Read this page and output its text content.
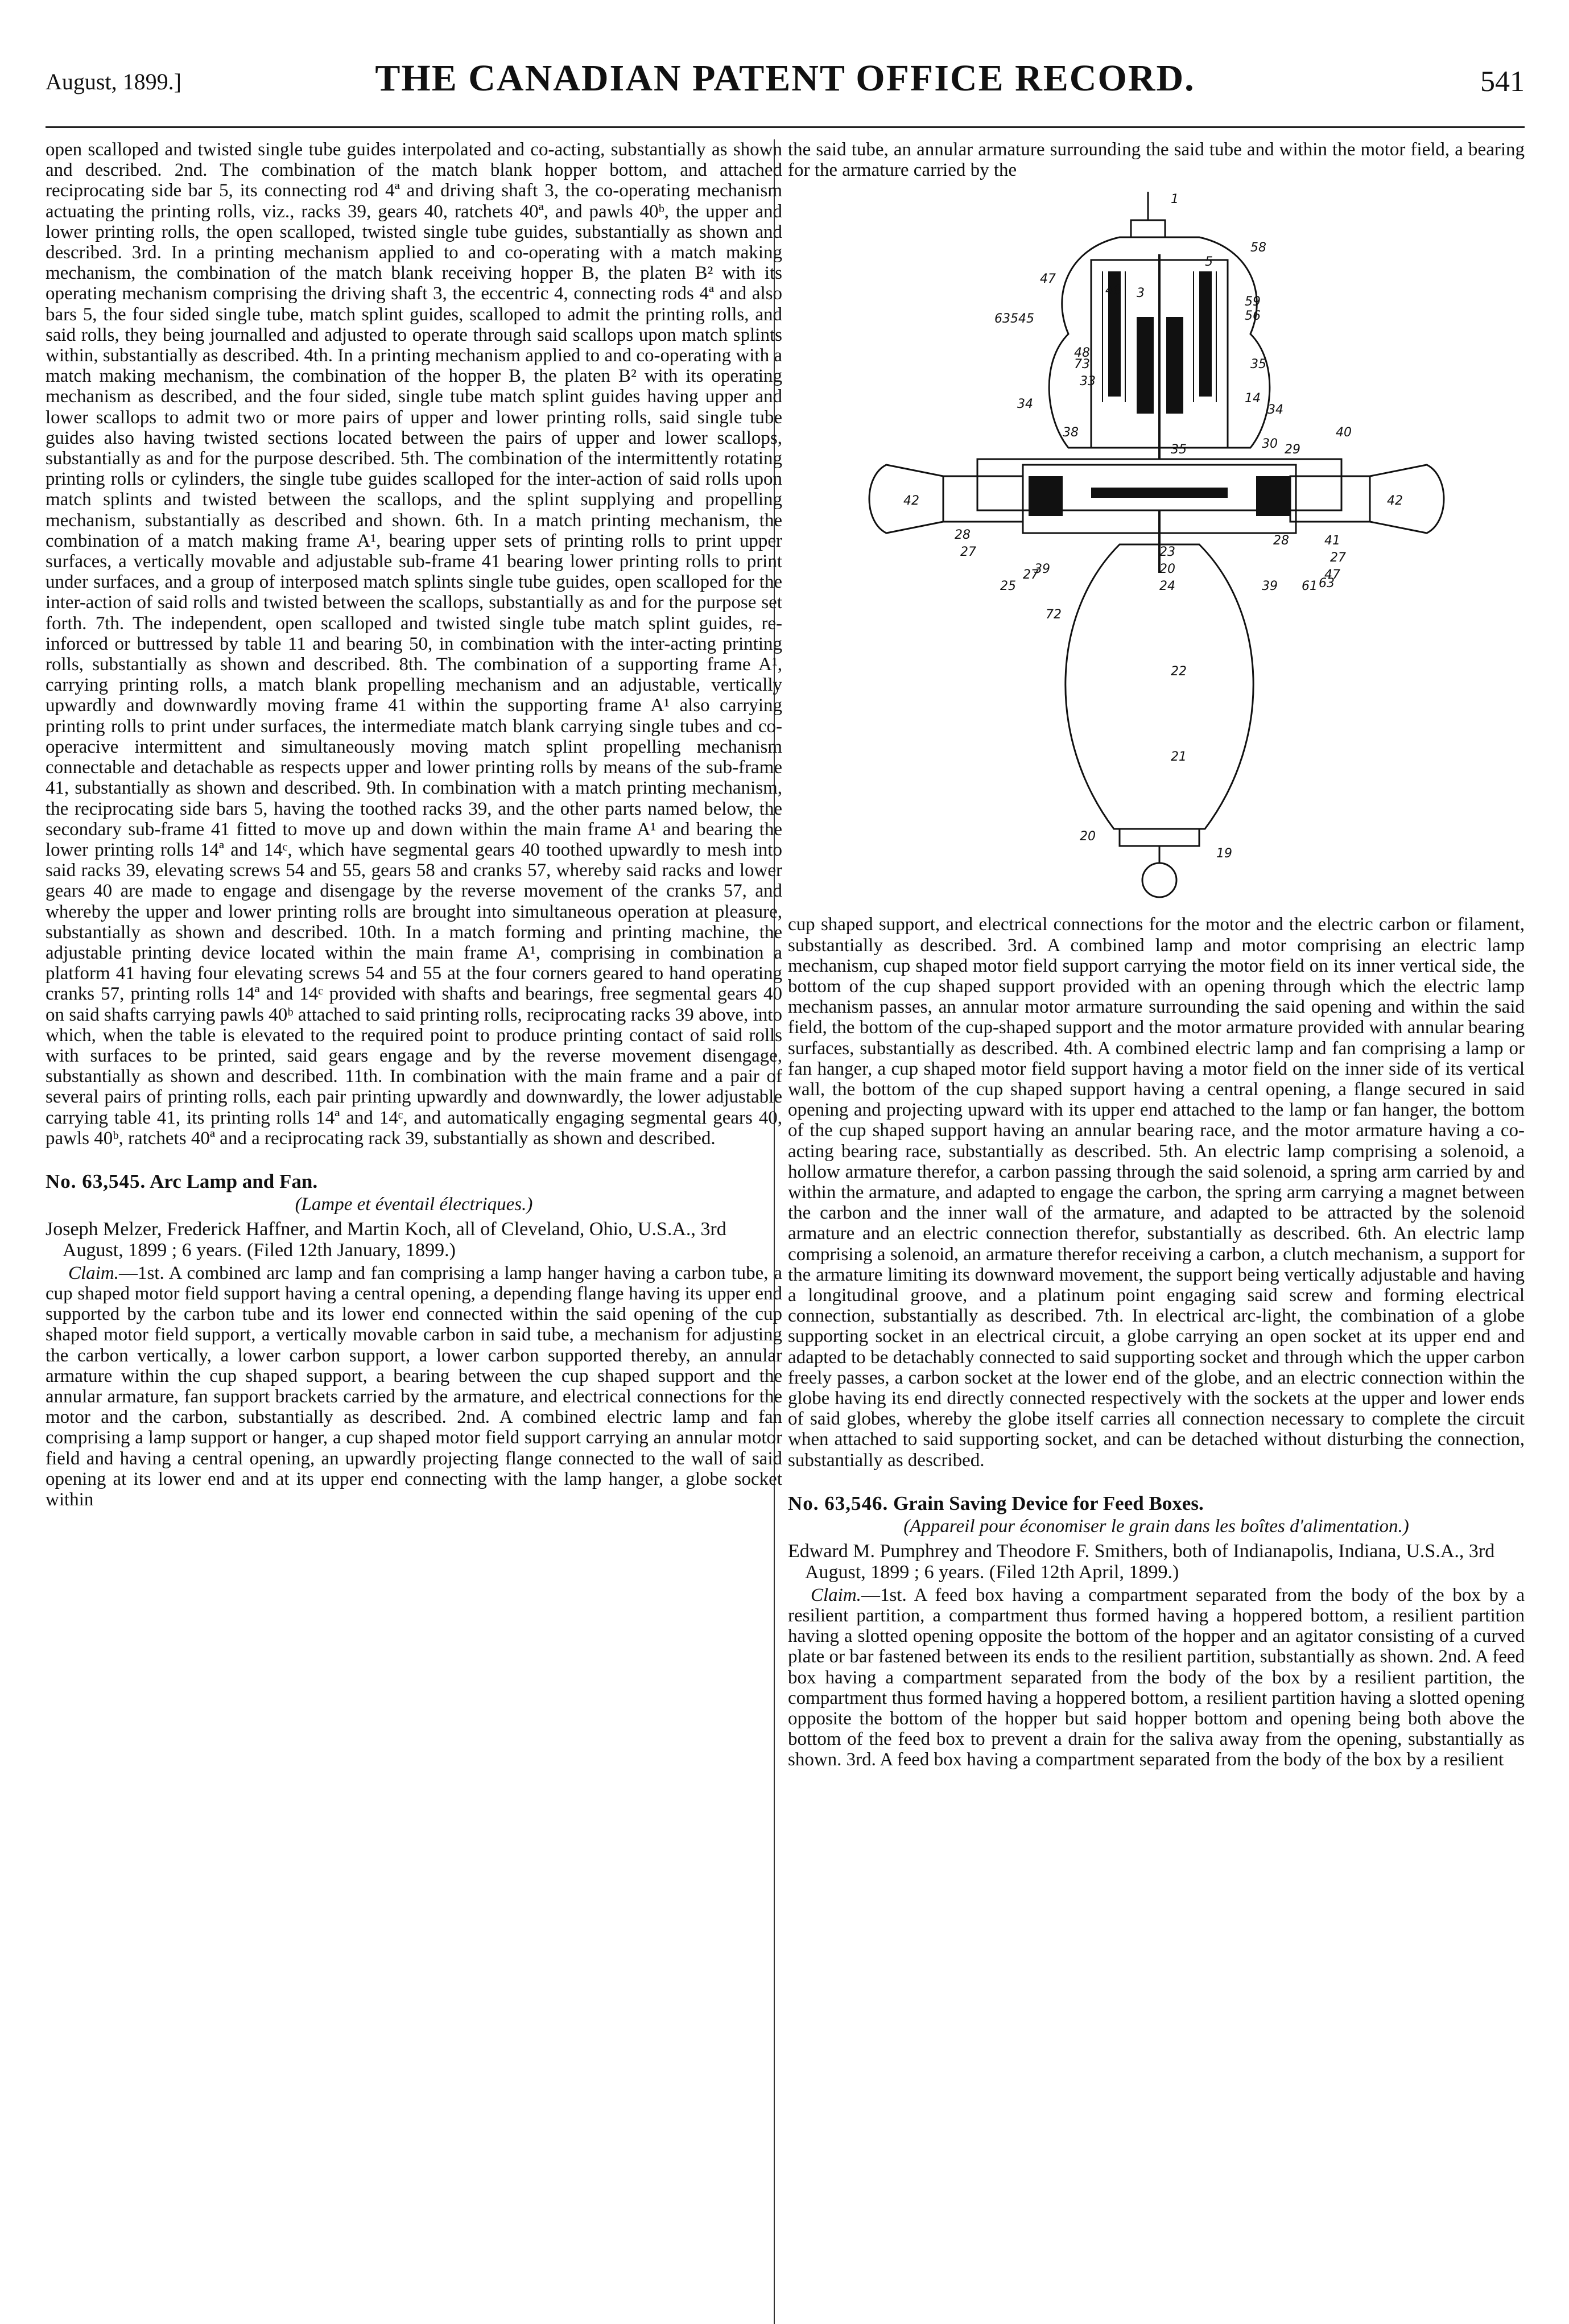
August, 1899.]	THE CANADIAN PATENT OFFICE RECORD.	541

open scalloped and twisted single tube guides interpolated and co-acting, substantially as shown and described. 2nd. The combination of the match blank hopper bottom, and attached reciprocating side bar 5, its connecting rod 4ª and driving shaft 3, the co-operating mechanism actuating the printing rolls, viz., racks 39, gears 40, ratchets 40ª, and pawls 40ᵇ, the upper and lower printing rolls, the open scalloped, twisted single tube guides, substantially as shown and described. 3rd. In a printing mechanism applied to and co-operating with a match making mechanism, the combination of the match blank receiving hopper B, the platen B² with its operating mechanism comprising the driving shaft 3, the eccentric 4, connecting rods 4ª and also bars 5, the four sided single tube, match splint guides, scalloped to admit the printing rolls, and said rolls, they being journalled and adjusted to operate through said scallops upon match splints within, substantially as described. 4th. In a printing mechanism applied to and co-operating with a match making mechanism, the combination of the hopper B, the platen B² with its operating mechanism as described, and the four sided, single tube match splint guides having upper and lower scallops to admit two or more pairs of upper and lower printing rolls, said single tube guides also having twisted sections located between the pairs of upper and lower scallops, substantially as and for the purpose described. 5th. The combination of the intermittently rotating printing rolls or cylinders, the single tube guides scalloped for the inter-action of said rolls upon match splints and twisted between the scallops, and the splint supplying and propelling mechanism, substantially as described and shown. 6th. In a match printing mechanism, the combination of a match making frame A¹, bearing upper sets of printing rolls to print upper surfaces, a vertically movable and adjustable sub-frame 41 bearing lower printing rolls to print under surfaces, and a group of interposed match splints single tube guides, open scalloped for the inter-action of said rolls and twisted between the scallops, substantially as and for the purpose set forth. 7th. The independent, open scalloped and twisted single tube match splint guides, re-inforced or buttressed by table 11 and bearing 50, in combination with the inter-acting printing rolls, substantially as shown and described. 8th. The combination of a supporting frame A¹, carrying printing rolls, a match blank propelling mechanism and an adjustable, vertically upwardly and downwardly moving frame 41 within the supporting frame A¹ also carrying printing rolls to print under surfaces, the intermediate match blank carrying single tubes and co-operacive intermittent and simultaneously moving match splint propelling mechanism connectable and detachable as respects upper and lower printing rolls by means of the sub-frame 41, substantially as shown and described. 9th. In combination with a match printing mechanism, the reciprocating side bars 5, having the toothed racks 39, and the other parts named below, the secondary sub-frame 41 fitted to move up and down within the main frame A¹ and bearing the lower printing rolls 14ª and 14ᶜ, which have segmental gears 40 toothed upwardly to mesh into said racks 39, elevating screws 54 and 55, gears 58 and cranks 57, whereby said racks and lower gears 40 are made to engage and disengage by the reverse movement of the cranks 57, and whereby the upper and lower printing rolls are brought into simultaneous operation at pleasure, substantially as shown and described. 10th. In a match forming and printing machine, the adjustable printing device located within the main frame A¹, comprising in combination a platform 41 having four elevating screws 54 and 55 at the four corners geared to hand operating cranks 57, printing rolls 14ª and 14ᶜ provided with shafts and bearings, free segmental gears 40 on said shafts carrying pawls 40ᵇ attached to said printing rolls, reciprocating racks 39 above, into which, when the table is elevated to the required point to produce printing contact of said rolls with surfaces to be printed, said gears engage and by the reverse movement disengage, substantially as shown and described. 11th. In combination with the main frame and a pair of several pairs of printing rolls, each pair printing upwardly and downwardly, the lower adjustable carrying table 41, its printing rolls 14ª and 14ᶜ, and automatically engaging segmental gears 40, pawls 40ᵇ, ratchets 40ª and a reciprocating rack 39, substantially as shown and described.

No. 63,545. Arc Lamp and Fan.

(Lampe et éventail électriques.)

Joseph Melzer, Frederick Haffner, and Martin Koch, all of Cleveland, Ohio, U.S.A., 3rd August, 1899 ; 6 years. (Filed 12th January, 1899.)

Claim.—1st. A combined arc lamp and fan comprising a lamp hanger having a carbon tube, a cup shaped motor field support having a central opening, a depending flange having its upper end supported by the carbon tube and its lower end connected within the said opening of the cup shaped motor field support, a vertically movable carbon in said tube, a mechanism for adjusting the carbon vertically, a lower carbon support, a lower carbon supported thereby, an annular armature within the cup shaped support, a bearing between the cup shaped support and the annular armature, fan support brackets carried by the armature, and electrical connections for the motor and the carbon, substantially as described. 2nd. A combined electric lamp and fan comprising a lamp support or hanger, a cup shaped motor field support carrying an annular motor field and having a central opening, an upwardly projecting flange connected to the wall of said opening at its lower end and at its upper end connecting with the lamp hanger, a globe socket within

the said tube, an annular armature surrounding the said tube and within the motor field, a bearing for the armature carried by the

1
58
47
3
5
59
56
40
63545
48
73
33
34
35
38
35
14
34
40
29
30
42	42
28	41
27	27
28
47
25
27
39
23
20
24	39 61 63
72
22
21
20
19

cup shaped support, and electrical connections for the motor and the electric carbon or filament, substantially as described. 3rd. A combined lamp and motor comprising an electric lamp mechanism, cup shaped motor field support carrying the motor field on its inner vertical side, the bottom of the cup shaped support provided with an opening through which the electric lamp mechanism passes, an annular motor armature surrounding the said opening and within the said field, the bottom of the cup-shaped support and the motor armature provided with annular bearing surfaces, substantially as described. 4th. A combined electric lamp and fan comprising a lamp or fan hanger, a cup shaped motor field support having a motor field on the inner side of its vertical wall, the bottom of the cup shaped support having a central opening, a flange secured in said opening and projecting upward with its upper end attached to the lamp or fan hanger, the bottom of the cup shaped support having an annular bearing race, and the motor armature having a co-acting bearing race, substantially as described. 5th. An electric lamp comprising a solenoid, a hollow armature therefor, a carbon passing through the said solenoid, a spring arm carried by and within the armature, and adapted to engage the carbon, the spring arm carrying a magnet between the carbon and the inner wall of the armature, and adapted to be attracted by the solenoid armature and an electric connection therefor, substantially as described. 6th. An electric lamp comprising a solenoid, an armature therefor receiving a carbon, a clutch mechanism, a support for the armature limiting its downward movement, the support being vertically adjustable and having a longitudinal groove, and a platinum point engaging said screw and forming electrical connection, substantially as described. 7th. In electrical arc-light, the combination of a globe supporting socket in an electrical circuit, a globe carrying an open socket at its upper end and adapted to be detachably connected to said supporting socket and through which the upper carbon freely passes, a carbon socket at the lower end of the globe, and an electric connection within the globe having its end directly connected respectively with the sockets at the upper and lower ends of said globes, whereby the globe itself carries all connection necessary to complete the circuit when attached to said supporting socket, and can be detached without disturbing the connection, substantially as described.

No. 63,546. Grain Saving Device for Feed Boxes.

(Appareil pour économiser le grain dans les boîtes d'alimentation.)

Edward M. Pumphrey and Theodore F. Smithers, both of Indianapolis, Indiana, U.S.A., 3rd August, 1899 ; 6 years. (Filed 12th April, 1899.)

Claim.—1st. A feed box having a compartment separated from the body of the box by a resilient partition, a compartment thus formed having a hoppered bottom, a resilient partition having a slotted opening opposite the bottom of the hopper and an agitator consisting of a curved plate or bar fastened between its ends to the resilient partition, substantially as shown. 2nd. A feed box having a compartment separated from the body of the box by a resilient partition, the compartment thus formed having a hoppered bottom, a resilient partition having a slotted opening opposite the bottom of the hopper but said hopper bottom and opening being both above the bottom of the feed box to prevent a drain for the saliva away from the opening, substantially as shown. 3rd. A feed box having a compartment separated from the body of the box by a resilient
